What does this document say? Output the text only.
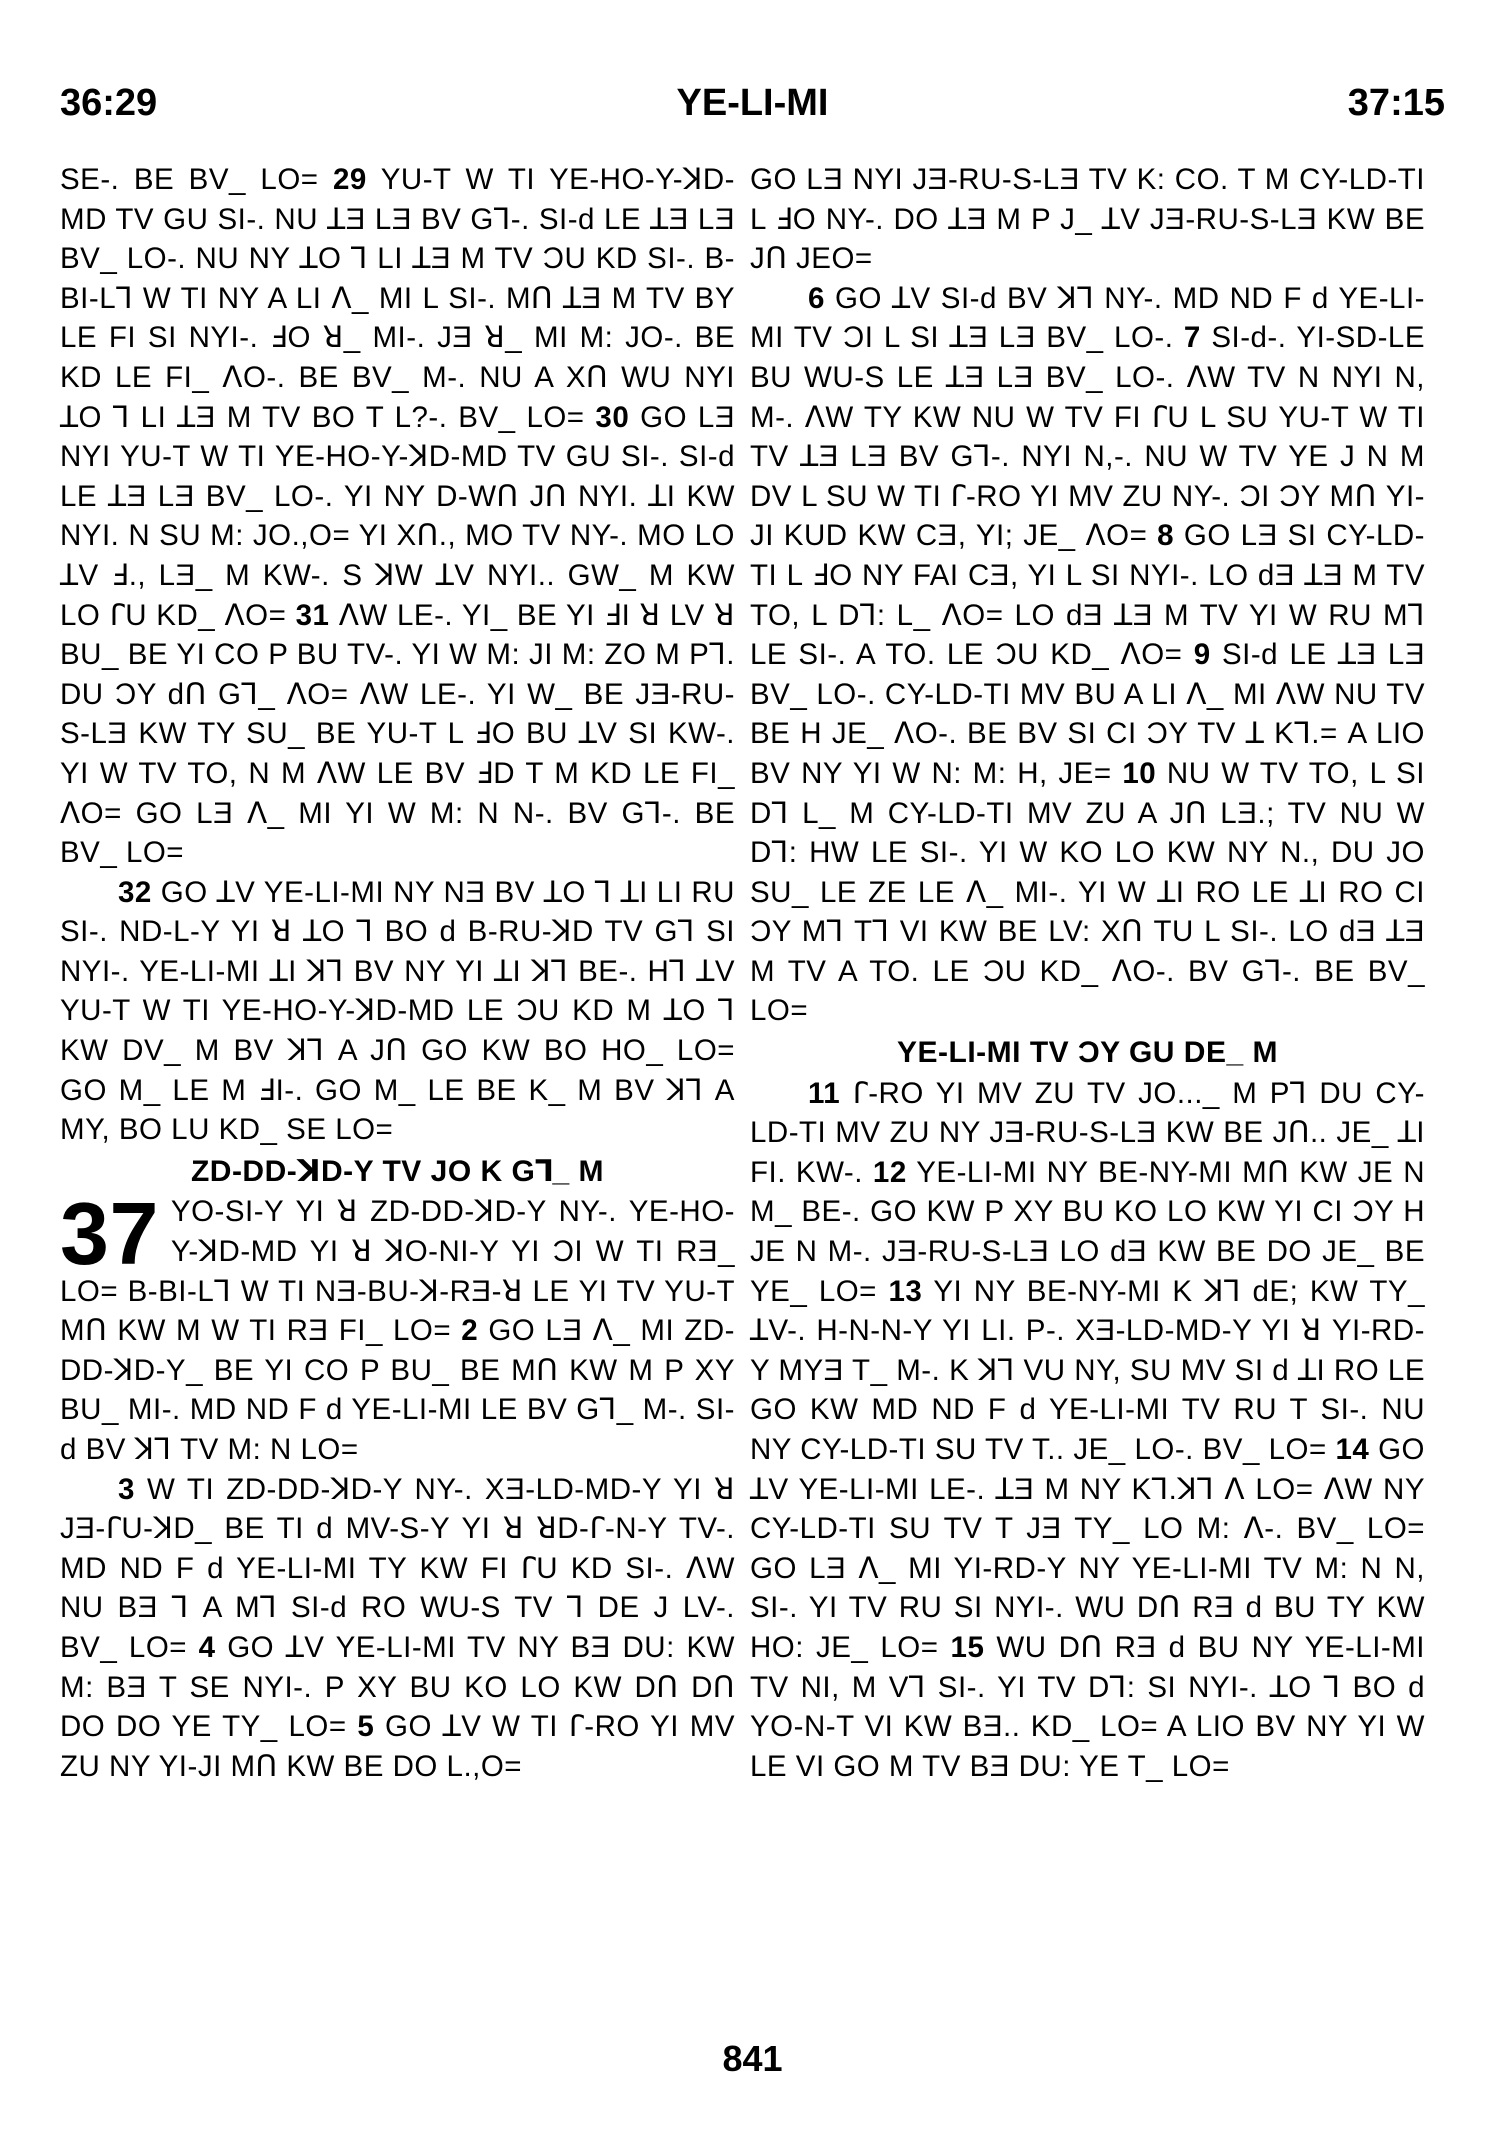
36:29	YE-LI-MI	37:15

SE-. BE BV_ LO= 29 YU-T W TI YE-HO-Y-ꓘD-MD TV GU SI-. NU ꓕƎ LƎ BV Gꓶ-. SI-d LE ꓕƎ LƎ BV_ LO-. NU NY ꓕO ꓶ LI ꓕƎ M TV ƆU KD SI-. B-BI-Lꓶ W TI NY A LI ꓥ_ MI L SI-. Mꓵ ꓕƎ M TV BY LE FI SI NYI-. ꓞO ꓤ_ MI-. JƎ ꓤ_ MI M: JO-. BE KD LE FI_ ꓥO-. BE BV_ M-. NU A Xꓵ WU NYI ꓕO ꓶ LI ꓕƎ M TV BO T L?-. BV_ LO= 30 GO LƎ NYI YU-T W TI YE-HO-Y-ꓘD-MD TV GU SI-. SI-d LE ꓕƎ LƎ BV_ LO-. YI NY D-Wꓵ Jꓵ NYI. ꓕI KW NYI. N SU M: JO.,O= YI Xꓵ., MO TV NY-. MO LO ꓕV ꓞ., LƎ_ M KW-. S ꓘW ꓕV NYI.. GW_ M KW LO ꓩU KD_ ꓥO= 31 ꓥW LE-. YI_ BE YI ꓞI ꓤ LV ꓤ BU_ BE YI CO P BU TV-. YI W M: JI M: ZO M Pꓶ. DU ƆY dꓵ Gꓶ_ ꓥO= ꓥW LE-. YI W_ BE JƎ-RU-S-LƎ KW TY SU_ BE YU-T L ꓞO BU ꓕV SI KW-. YI W TV TO, N M ꓥW LE BV ꓞD T M KD LE FI_ ꓥO= GO LƎ ꓥ_ MI YI W M: N N-. BV Gꓶ-. BE BV_ LO=

32 GO ꓕV YE-LI-MI NY NƎ BV ꓕO ꓶ ꓕI LI RU SI-. ND-L-Y YI ꓤ ꓕO ꓶ BO d B-RU-ꓘD TV Gꓶ SI NYI-. YE-LI-MI ꓕI ꓘꓶ BV NY YI ꓕI ꓘꓶ BE-. Hꓶ ꓕV YU-T W TI YE-HO-Y-ꓘD-MD LE ƆU KD M ꓕO ꓶ KW DV_ M BV ꓘꓶ A Jꓵ GO KW BO HO_ LO= GO M_ LE M ꓞI-. GO M_ LE BE K_ M BV ꓘꓶ A MY, BO LU KD_ SE LO=

ZD-DD-ꓘD-Y TV JO K Gꓶ_ M
37 YO-SI-Y YI ꓤ ZD-DD-ꓘD-Y NY-. YE-HO-Y-ꓘD-MD YI ꓤ ꓘO-NI-Y YI ƆI W TI RƎ_ LO= B-BI-Lꓶ W TI NƎ-BU-ꓘ-RƎ-ꓤ LE YI TV YU-T Mꓵ KW M W TI RƎ FI_ LO= 2 GO LƎ ꓥ_ MI ZD-DD-ꓘD-Y_ BE YI CO P BU_ BE Mꓵ KW M P XY BU_ MI-. MD ND F d YE-LI-MI LE BV Gꓶ_ M-. SI-d BV ꓘꓶ TV M: N LO=

3 W TI ZD-DD-ꓘD-Y NY-. XƎ-LD-MD-Y YI ꓤ JƎ-ꓩU-ꓘD_ BE TI d MV-S-Y YI ꓤ ꓤD-ꓩ-N-Y TV-. MD ND F d YE-LI-MI TY KW FI ꓩU KD SI-. ꓥW NU BƎ ꓶ A Mꓶ SI-d RO WU-S TV ꓶ DE J LV-. BV_ LO= 4 GO ꓕV YE-LI-MI TV NY BƎ DU: KW M: BƎ T SE NYI-. P XY BU KO LO KW Dꓵ Dꓵ DO DO YE TY_ LO= 5 GO ꓕV W TI ꓩ-RO YI MV ZU NY YI-JI Mꓵ KW BE DO L.,O=

GO LƎ NYI JƎ-RU-S-LƎ TV K: CO. T M CY-LD-TI L ꓞO NY-. DO ꓕƎ M P J_ ꓕV JƎ-RU-S-LƎ KW BE Jꓵ JEO=

6 GO ꓕV SI-d BV ꓘꓶ NY-. MD ND F d YE-LI-MI TV ƆI L SI ꓕƎ LƎ BV_ LO-. 7 SI-d-. YI-SD-LE BU WU-S LE ꓕƎ LƎ BV_ LO-. ꓥW TV N NYI N, M-. ꓥW TY KW NU W TV FI ꓩU L SU YU-T W TI TV ꓕƎ LƎ BV Gꓶ-. NYI N,-. NU W TV YE J N M DV L SU W TI ꓩ-RO YI MV ZU NY-. ƆI ƆY Mꓵ YI-JI KUD KW CƎ, YI; JE_ ꓥO= 8 GO LƎ SI CY-LD-TI L ꓞO NY FAI CƎ, YI L SI NYI-. LO dƎ ꓕƎ M TV TO, L Dꓶ: L_ ꓥO= LO dƎ ꓕƎ M TV YI W RU Mꓶ LE SI-. A TO. LE ƆU KD_ ꓥO= 9 SI-d LE ꓕƎ LƎ BV_ LO-. CY-LD-TI MV BU A LI ꓥ_ MI ꓥW NU TV BE H JE_ ꓥO-. BE BV SI CI ƆY TV ꓕ Kꓶ.= A LIO BV NY YI W N: M: H, JE= 10 NU W TV TO, L SI Dꓶ L_ M CY-LD-TI MV ZU A Jꓵ LƎ.; TV NU W Dꓶ: HW LE SI-. YI W KO LO KW NY N., DU JO SU_ LE ZE LE ꓥ_ MI-. YI W ꓕI RO LE ꓕI RO CI ƆY Mꓶ Tꓶ VI KW BE LV: Xꓵ TU L SI-. LO dƎ ꓕƎ M TV A TO. LE ƆU KD_ ꓥO-. BV Gꓶ-. BE BV_ LO=

YE-LI-MI TV ƆY GU DE_ M

11 ꓩ-RO YI MV ZU TV JO..._ M Pꓶ DU CY-LD-TI MV ZU NY JƎ-RU-S-LƎ KW BE Jꓵ.. JE_ ꓕI FI. KW-. 12 YE-LI-MI NY BE-NY-MI Mꓵ KW JE N M_ BE-. GO KW P XY BU KO LO KW YI CI ƆY H JE N M-. JƎ-RU-S-LƎ LO dƎ KW BE DO JE_ BE YE_ LO= 13 YI NY BE-NY-MI K ꓘꓶ dE; KW TY_ ꓕV-. H-N-N-Y YI LI. P-. XƎ-LD-MD-Y YI ꓤ YI-RD-Y MYƎ T_ M-. K ꓘꓶ VU NY, SU MV SI d ꓕI RO LE GO KW MD ND F d YE-LI-MI TV RU T SI-. NU NY CY-LD-TI SU TV T.. JE_ LO-. BV_ LO= 14 GO ꓕV YE-LI-MI LE-. ꓕƎ M NY Kꓶ.ꓘꓶ ꓥ LO= ꓥW NY CY-LD-TI SU TV T JƎ TY_ LO M: ꓥ-. BV_ LO= GO LƎ ꓥ_ MI YI-RD-Y NY YE-LI-MI TV M: N N, SI-. YI TV RU SI NYI-. WU Dꓵ RƎ d BU TY KW HO: JE_ LO= 15 WU Dꓵ RƎ d BU NY YE-LI-MI TV NI, M Vꓶ SI-. YI TV Dꓶ: SI NYI-. ꓕO ꓶ BO d YO-N-T VI KW BƎ.. KD_ LO= A LIO BV NY YI W LE VI GO M TV BƎ DU: YE T_ LO=

841
